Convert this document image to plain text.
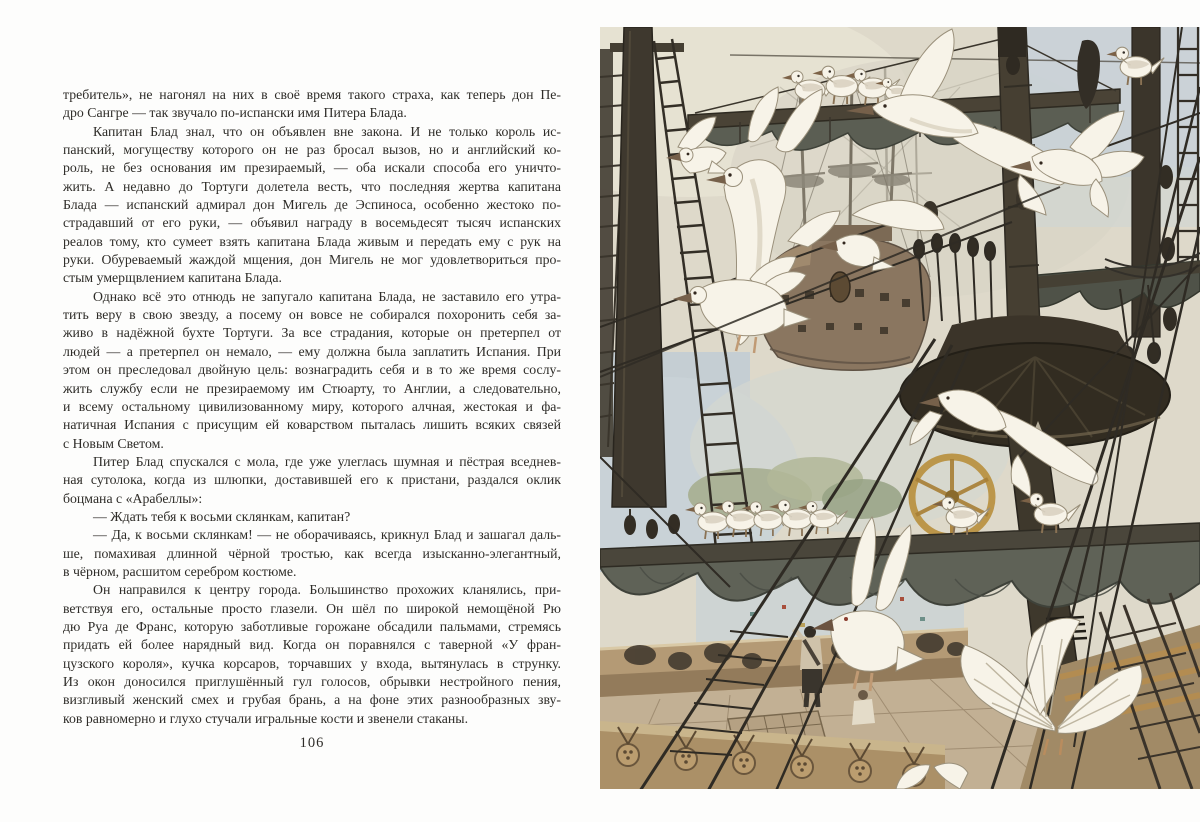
требитель», не нагонял на них в своё время такого страха, как теперь дон Пе-
дро Сангре — так звучало по-испански имя Питера Блада.
Капитан Блад знал, что он объявлен вне закона. И не только король ис-
панский, могуществу которого он не раз бросал вызов, но и английский ко-
роль, не без основания им презираемый, — оба искали способа его уничто-
жить. А недавно до Тортуги долетела весть, что последняя жертва капитана
Блада — испанский адмирал дон Мигель де Эспиноса, особенно жестоко по-
страдавший от его руки, — объявил награду в восемьдесят тысяч испанских
реалов тому, кто сумеет взять капитана Блада живым и передать ему с рук на
руки. Обуреваемый жаждой мщения, дон Мигель не мог удовлетвориться про-
стым умерщвлением капитана Блада.
Однако всё это отнюдь не запугало капитана Блада, не заставило его утра-
тить веру в свою звезду, а посему он вовсе не собирался похоронить себя за-
живо в надёжной бухте Тортуги. За все страдания, которые он претерпел от
людей — а претерпел он немало, — ему должна была заплатить Испания. При
этом он преследовал двойную цель: вознаградить себя и в то же время сослу-
жить службу если не презираемому им Стюарту, то Англии, а следовательно,
и всему остальному цивилизованному миру, которого алчная, жестокая и фа-
натичная Испания с присущим ей коварством пыталась лишить всяких связей
с Новым Светом.
Питер Блад спускался с мола, где уже улеглась шумная и пёстрая вседнев-
ная сутолока, когда из шлюпки, доставившей его к пристани, раздался оклик
боцмана с «Арабеллы»:
— Ждать тебя к восьми склянкам, капитан?
— Да, к восьми склянкам! — не оборачиваясь, крикнул Блад и зашагал даль-
ше, помахивая длинной чёрной тростью, как всегда изысканно-элегантный,
в чёрном, расшитом серебром костюме.
Он направился к центру города. Большинство прохожих кланялись, при-
ветствуя его, остальные просто глазели. Он шёл по широкой немощёной Рю
дю Руа де Франс, которую заботливые горожане обсадили пальмами, стремясь
придать ей более нарядный вид. Когда он поравнялся с таверной «У фран-
цузского короля», кучка корсаров, торчавших у входа, вытянулась в струнку.
Из окон доносился приглушённый гул голосов, обрывки нестройного пения,
визгливый женский смех и грубая брань, а на фоне этих разнообразных зву-
ков равномерно и глухо стучали игральные кости и звенели стаканы.
106
